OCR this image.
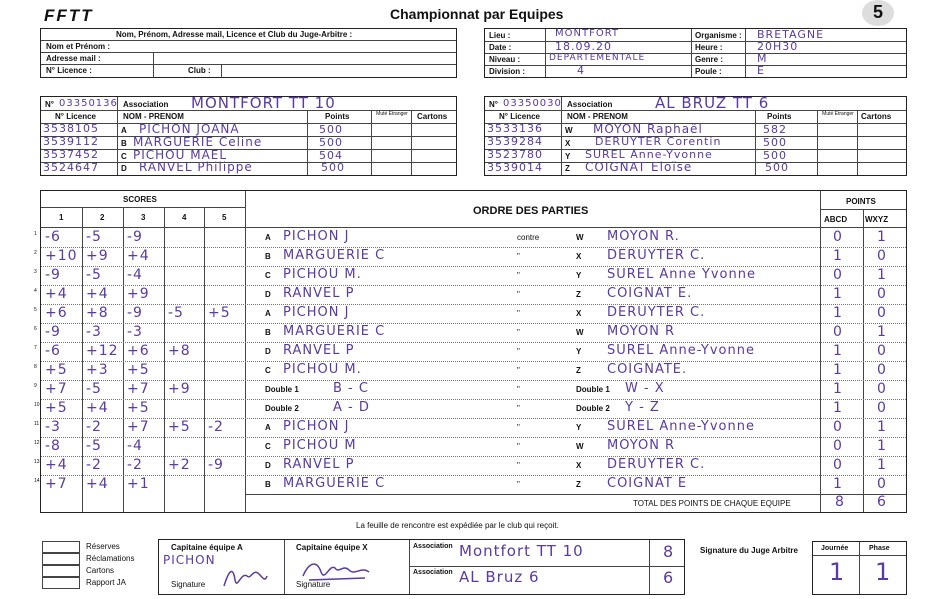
FFTT	Championnat par Equipes	5
Nom, Prénom, Adresse mail, Licence et Club du Juge-Arbitre :
Nom et Prénom :
Adresse mail :
N° Licence :	Club :
Lieu :	MONTFORT
Date :	18.09.20
Niveau :	DEPARTEMENTALE
Division :	4
Organisme : BRETAGNE
Heure :	20H30
Genre :	M
Poule :	E
N° 03350136 Association MONTFORT TT 10
N° Licence	NOM - PRENOM	Points	Muté Etranger Cartons
3538105	A PICHON JOANA	500
3539112	B MARGUERIE Celine	500
3537452	C PICHOU MAEL	504
3524647	D RANVEL Philippe	500
N° 03350030 Association	AL BRUZ TT 6
N° Licence	NOM - PRENOM	Points	Muté Etranger Cartons
3533136	W MOYON Raphaël	582
3539284	X DERUYTER Corentin	500
3523780	Y SUREL Anne-Yvonne	500
3539014	Z COIGNAT Eloïse	500
SCORES
ORDRE DES PARTIES
POINTS
1	2	3	4	5	ABCD WXYZ
1 -6 -5 -9	A PICHON J	contre	W MOYON R.	0 1
2 +10 +9 +4	B MARGUERIE C	"	X DERUYTER C.	1 0
3 -9 -5 -4	C PICHOU M.	"	Y SUREL Anne Yvonne	0 1
4 +4 +4 +9	D RANVEL P	"	Z COIGNAT E.	1 0
5 +6 +8 -9 -5 +5	A PICHON J	"	X DERUYTER C.	1 0
6 -9 -3 -3	B MARGUERIE C	"	W MOYON R	0 1
7 -6 +12 +6 +8	D RANVEL P	"	Y SUREL Anne-Yvonne	1 0
8 +5 +3 +5	C PICHOU M.	"	Z COIGNATE.	1 0
9 +7 -5 +7 +9	Double 1	B - C	"	Double 1 W - X	1 0
10 +5 +4 +5	Double 2	A - D	"	Double 2 Y - Z	1 0
11 -3 -2 +7 +5 -2	A PICHON J	"	Y SUREL Anne-Yvonne	0 1
12 -8 -5 -4	C PICHOU M	"	W MOYON R	0 1
13 +4 -2 -2 +2 -9	D RANVEL P	"	X DERUYTER C.	0 1
14 +7 +4 +1	B MARGUERIE C	"	Z COIGNAT E	1 0
TOTAL DES POINTS DE CHAQUE EQUIPE	8 6
La feuille de rencontre est expédiée par le club qui reçoit.
Réserves
Réclamations
Cartons
Rapport JA
Capitaine équipe A
PICHON
Signature
Capitaine équipe X
Signature
Association Montfort TT 10	8
Association AL Bruz 6	6
Signature du Juge Arbitre	Journée	Phase
1 1
